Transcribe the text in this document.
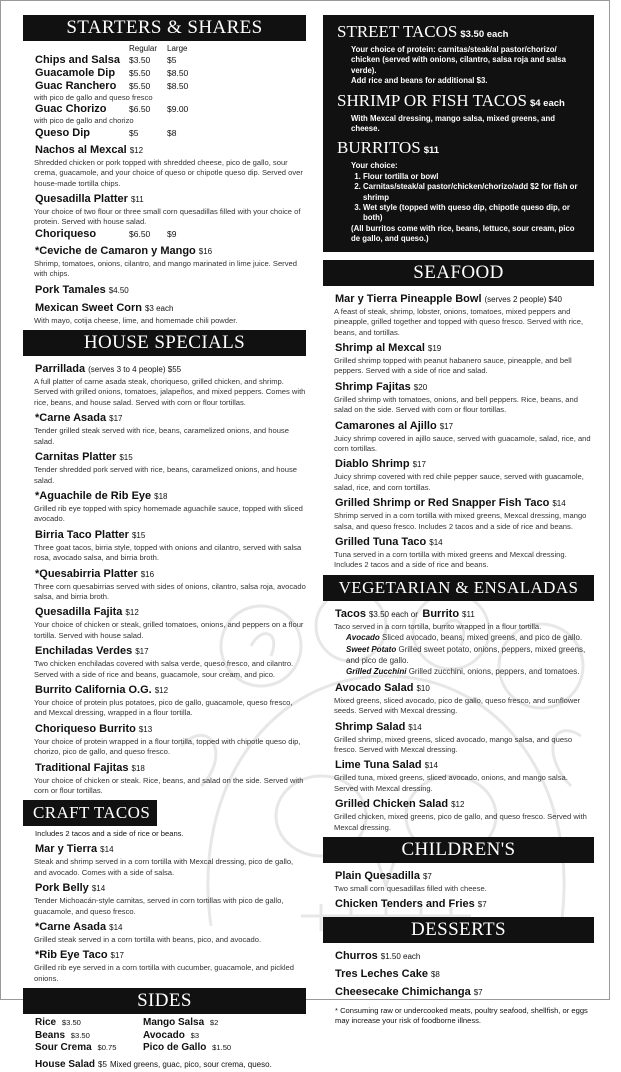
STARTERS & SHARES
Regular Large
Chips and Salsa	$3.50	$5
Guacamole Dip	$5.50	$8.50
Guac Ranchero	$5.50	$8.50
with pico de gallo and queso fresco
Guac Chorizo	$6.50	$9.00
with pico de gallo and chorizo
Queso Dip	$5	$8
Nachos al Mexcal $12
Shredded chicken or pork topped with shredded cheese, pico de gallo, sour crema, guacamole, and your choice of queso or chipotle queso dip. Served over house-made tortilla chips.
Quesadilla Platter $11
Your choice of two flour or three small corn quesadillas filled with your choice of protein. Served with house salad.
Choriqueso	$6.50	$9
*Ceviche de Camaron y Mango $16
Shrimp, tomatoes, onions, cilantro, and mango marinated in lime juice. Served with chips.
Pork Tamales $4.50
Mexican Sweet Corn $3 each
With mayo, cotija cheese, lime, and homemade chili powder.
HOUSE SPECIALS
Parrillada (serves 3 to 4 people) $55
A full platter of carne asada steak, choriqueso, grilled chicken, and shrimp. Served with grilled onions, tomatoes, jalapeños, and mixed peppers. Comes with rice, beans, and house salad. Served with corn or flour tortillas.
*Carne Asada $17
Tender grilled steak served with rice, beans, caramelized onions, and house salad.
Carnitas Platter $15
Tender shredded pork served with rice, beans, caramelized onions, and house salad.
*Aguachile de Rib Eye $18
Grilled rib eye topped with spicy homemade aguachile sauce, topped with sliced avocado.
Birria Taco Platter $15
Three goat tacos, birria style, topped with onions and cilantro, served with salsa rosa, avocado salsa, and birria broth.
*Quesabirria Platter $16
Three corn quesabirrias served with sides of onions, cilantro, salsa roja, avocado salsa, and birria broth.
Quesadilla Fajita $12
Your choice of chicken or steak, grilled tomatoes, onions, and peppers on a flour tortilla. Served with house salad.
Enchiladas Verdes $17
Two chicken enchiladas covered with salsa verde, queso fresco, and cilantro. Served with a side of rice and beans, guacamole, sour cream, and pico.
Burrito California O.G. $12
Your choice of protein plus potatoes, pico de gallo, guacamole, queso fresco, and Mexcal dressing, wrapped in a flour tortilla.
Choriqueso Burrito $13
Your choice of protein wrapped in a flour tortilla, topped with chipotle queso dip, chorizo, pico de gallo, and queso fresco.
Traditional Fajitas $18
Your choice of chicken or steak. Rice, beans, and salad on the side. Served with corn or flour tortillas.
CRAFT TACOS
Includes 2 tacos and a side of rice or beans.
Mar y Tierra $14
Steak and shrimp served in a corn tortilla with Mexcal dressing, pico de gallo, and avocado. Comes with a side of salsa.
Pork Belly $14
Tender Michoacán-style carnitas, served in corn tortillas with pico de gallo, guacamole, and queso fresco.
*Carne Asada $14
Grilled steak served in a corn tortilla with beans, pico, and avocado.
*Rib Eye Taco $17
Grilled rib eye served in a corn tortilla with cucumber, guacamole, and pickled onions.
SIDES
Rice $3.50	Mango Salsa $2
Beans $3.50	Avocado $3
Sour Crema $0.75	Pico de Gallo $1.50
House Salad $5 Mixed greens, guac, pico, sour crema, queso.
STREET TACOS $3.50 each
Your choice of protein: carnitas/steak/al pastor/chorizo/ chicken (served with onions, cilantro, salsa roja and salsa verde).
Add rice and beans for additional $3.
SHRIMP OR FISH TACOS $4 each
With Mexcal dressing, mango salsa, mixed greens, and cheese.
BURRITOS $11
Your choice:
1. Flour tortilla or bowl
2. Carnitas/steak/al pastor/chicken/chorizo/add $2 for fish or shrimp
3. Wet style (topped with queso dip, chipotle queso dip, or both)
(All burritos come with rice, beans, lettuce, sour cream, pico de gallo, and queso.)
SEAFOOD
Mar y Tierra Pineapple Bowl (serves 2 people) $40
A feast of steak, shrimp, lobster, onions, tomatoes, mixed peppers and pineapple, grilled together and topped with queso fresco. Served with rice, beans, and tortillas.
Shrimp al Mexcal $19
Grilled shrimp topped with peanut habanero sauce, pineapple, and bell peppers. Served with a side of rice and salad.
Shrimp Fajitas $20
Grilled shrimp with tomatoes, onions, and bell peppers. Rice, beans, and salad on the side. Served with corn or flour tortillas.
Camarones al Ajillo $17
Juicy shrimp covered in ajillo sauce, served with guacamole, salad, rice, and corn tortillas.
Diablo Shrimp $17
Juicy shrimp covered with red chile pepper sauce, served with guacamole, salad, rice, and corn tortillas.
Grilled Shrimp or Red Snapper Fish Taco $14
Shrimp served in a corn tortilla with mixed greens, Mexcal dressing, mango salsa, and queso fresco. Includes 2 tacos and a side of rice and beans.
Grilled Tuna Taco $14
Tuna served in a corn tortilla with mixed greens and Mexcal dressing. Includes 2 tacos and a side of rice and beans.
VEGETARIAN & ENSALADAS
Tacos $3.50 each or Burrito $11
Taco served in a corn tortilla, burrito wrapped in a flour tortilla.
Avocado Sliced avocado, beans, mixed greens, and pico de gallo.
Sweet Potato Grilled sweet potato, onions, peppers, mixed greens, and pico de gallo.
Grilled Zucchini Grilled zucchini, onions, peppers, and tomatoes.
Avocado Salad $10
Mixed greens, sliced avocado, pico de gallo, queso fresco, and sunflower seeds. Served with Mexcal dressing.
Shrimp Salad $14
Grilled shrimp, mixed greens, sliced avocado, mango salsa, and queso fresco. Served with Mexcal dressing.
Lime Tuna Salad $14
Grilled tuna, mixed greens, sliced avocado, onions, and mango salsa. Served with Mexcal dressing.
Grilled Chicken Salad $12
Grilled chicken, mixed greens, pico de gallo, and queso fresco. Served with Mexcal dressing.
CHILDREN'S
Plain Quesadilla $7
Two small corn quesadillas filled with cheese.
Chicken Tenders and Fries $7
DESSERTS
Churros $1.50 each
Tres Leches Cake $8
Cheesecake Chimichanga $7
* Consuming raw or undercooked meats, poultry seafood, shellfish, or eggs may increase your risk of foodborne illness.
